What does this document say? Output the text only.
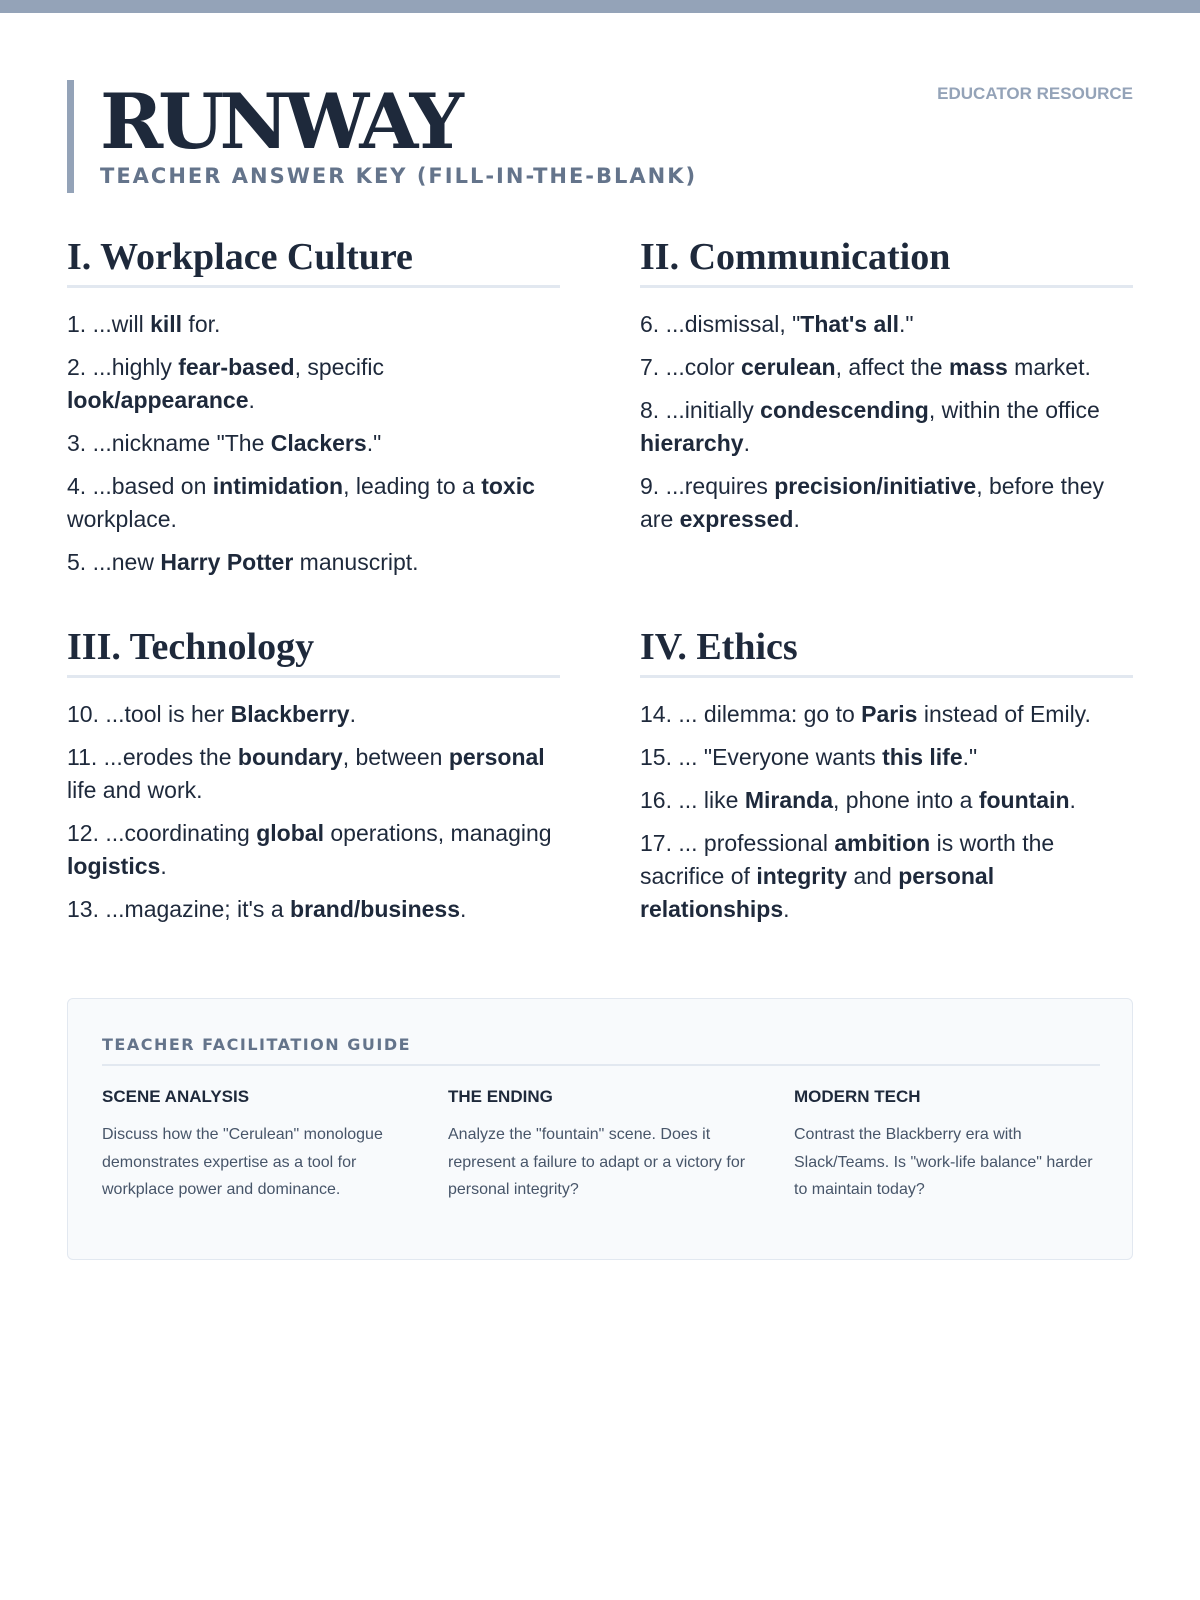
RUNWAY
TEACHER ANSWER KEY (FILL-IN-THE-BLANK)
EDUCATOR RESOURCE
I. Workplace Culture
1. ...will kill for.
2. ...highly fear-based, specific look/appearance.
3. ...nickname "The Clackers."
4. ...based on intimidation, leading to a toxic workplace.
5. ...new Harry Potter manuscript.
II. Communication
6. ...dismissal, "That's all."
7. ...color cerulean, affect the mass market.
8. ...initially condescending, within the office hierarchy.
9. ...requires precision/initiative, before they are expressed.
III. Technology
10. ...tool is her Blackberry.
11. ...erodes the boundary, between personal life and work.
12. ...coordinating global operations, managing logistics.
13. ...magazine; it's a brand/business.
IV. Ethics
14. ... dilemma: go to Paris instead of Emily.
15. ... "Everyone wants this life."
16. ... like Miranda, phone into a fountain.
17. ... professional ambition is worth the sacrifice of integrity and personal relationships.
TEACHER FACILITATION GUIDE
SCENE ANALYSIS

Discuss how the "Cerulean" monologue demonstrates expertise as a tool for workplace power and dominance.

THE ENDING

Analyze the "fountain" scene. Does it represent a failure to adapt or a victory for personal integrity?

MODERN TECH

Contrast the Blackberry era with Slack/Teams. Is "work-life balance" harder to maintain today?
